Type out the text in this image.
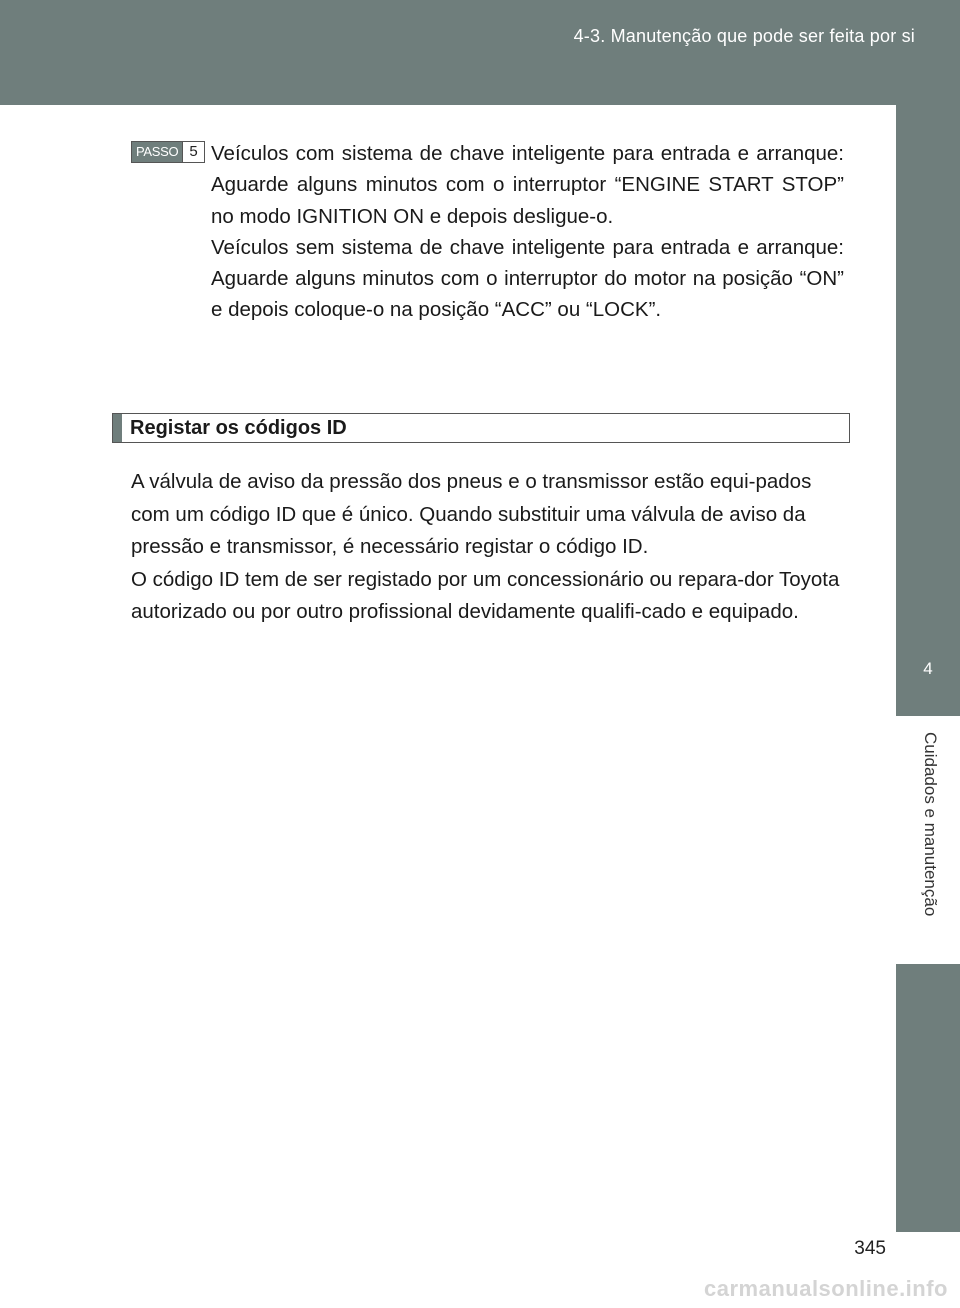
4-3. Manutenção que pode ser feita por si
4
Cuidados e manutenção
PASSO 5 Veículos com sistema de chave inteligente para entrada e arranque: Aguarde alguns minutos com o interruptor “ENGINE START STOP” no modo IGNITION ON e depois desligue-o.

Veículos sem sistema de chave inteligente para entrada e arranque: Aguarde alguns minutos com o interruptor do motor na posição “ON” e depois coloque-o na posição “ACC” ou “LOCK”.

Registar os códigos ID

A válvula de aviso da pressão dos pneus e o transmissor estão equi-pados com um código ID que é único. Quando substituir uma válvula de aviso da pressão e transmissor, é necessário registar o código ID.

O código ID tem de ser registado por um concessionário ou repara-dor Toyota autorizado ou por outro profissional devidamente qualifi-cado e equipado.

345
carmanualsonline.info
